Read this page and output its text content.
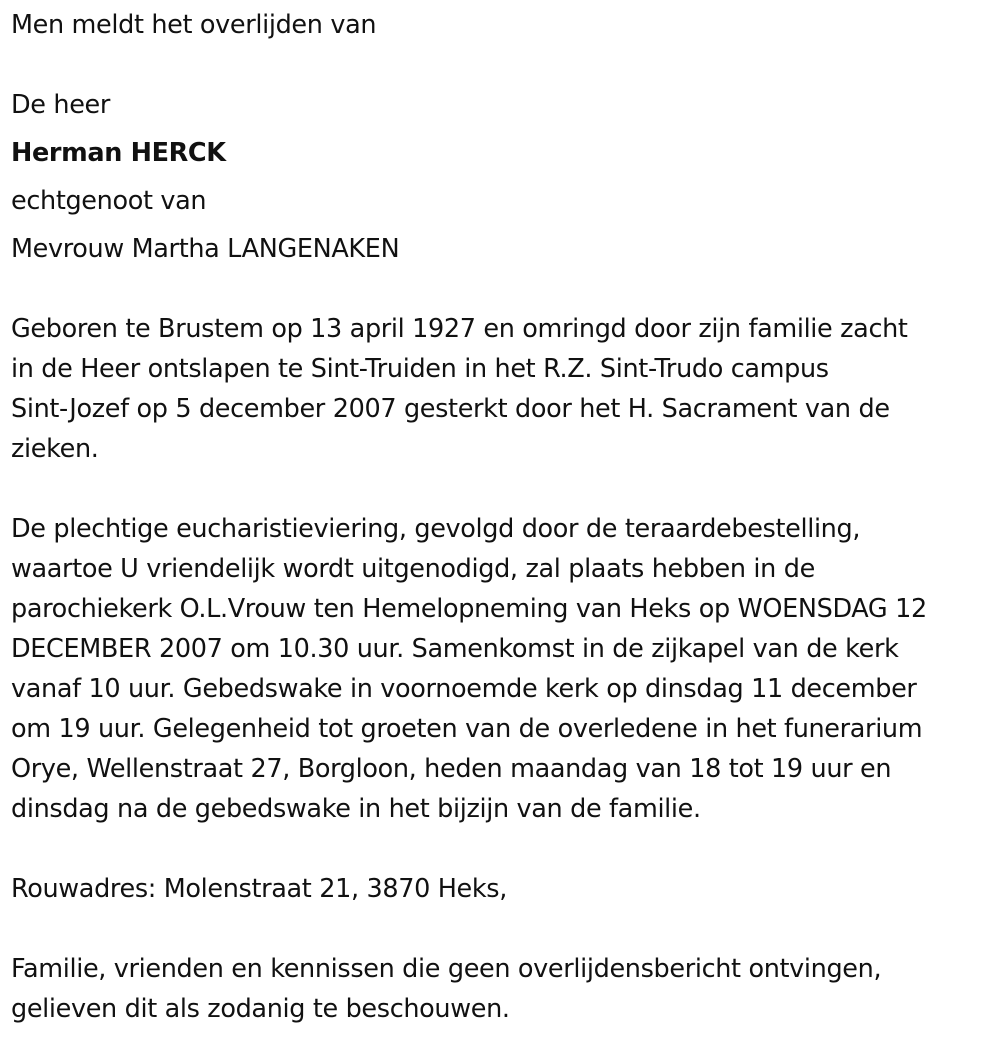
Men meldt het overlijden van
De heer
Herman HERCK
echtgenoot van
Mevrouw Martha LANGENAKEN
Geboren te Brustem op 13 april 1927 en omringd door zijn familie zacht
in de Heer ontslapen te Sint-Truiden in het R.Z. Sint-Trudo campus
Sint-Jozef op 5 december 2007 gesterkt door het H. Sacrament van de
zieken.
De plechtige eucharistieviering, gevolgd door de teraardebestelling,
waartoe U vriendelijk wordt uitgenodigd, zal plaats hebben in de
parochiekerk O.L.Vrouw ten Hemelopneming van Heks op WOENSDAG 12
DECEMBER 2007 om 10.30 uur. Samenkomst in de zijkapel van de kerk
vanaf 10 uur. Gebedswake in voornoemde kerk op dinsdag 11 december
om 19 uur. Gelegenheid tot groeten van de overledene in het funerarium
Orye, Wellenstraat 27, Borgloon, heden maandag van 18 tot 19 uur en
dinsdag na de gebedswake in het bijzijn van de familie.
Rouwadres: Molenstraat 21, 3870 Heks,
Familie, vrienden en kennissen die geen overlijdensbericht ontvingen,
gelieven dit als zodanig te beschouwen.
